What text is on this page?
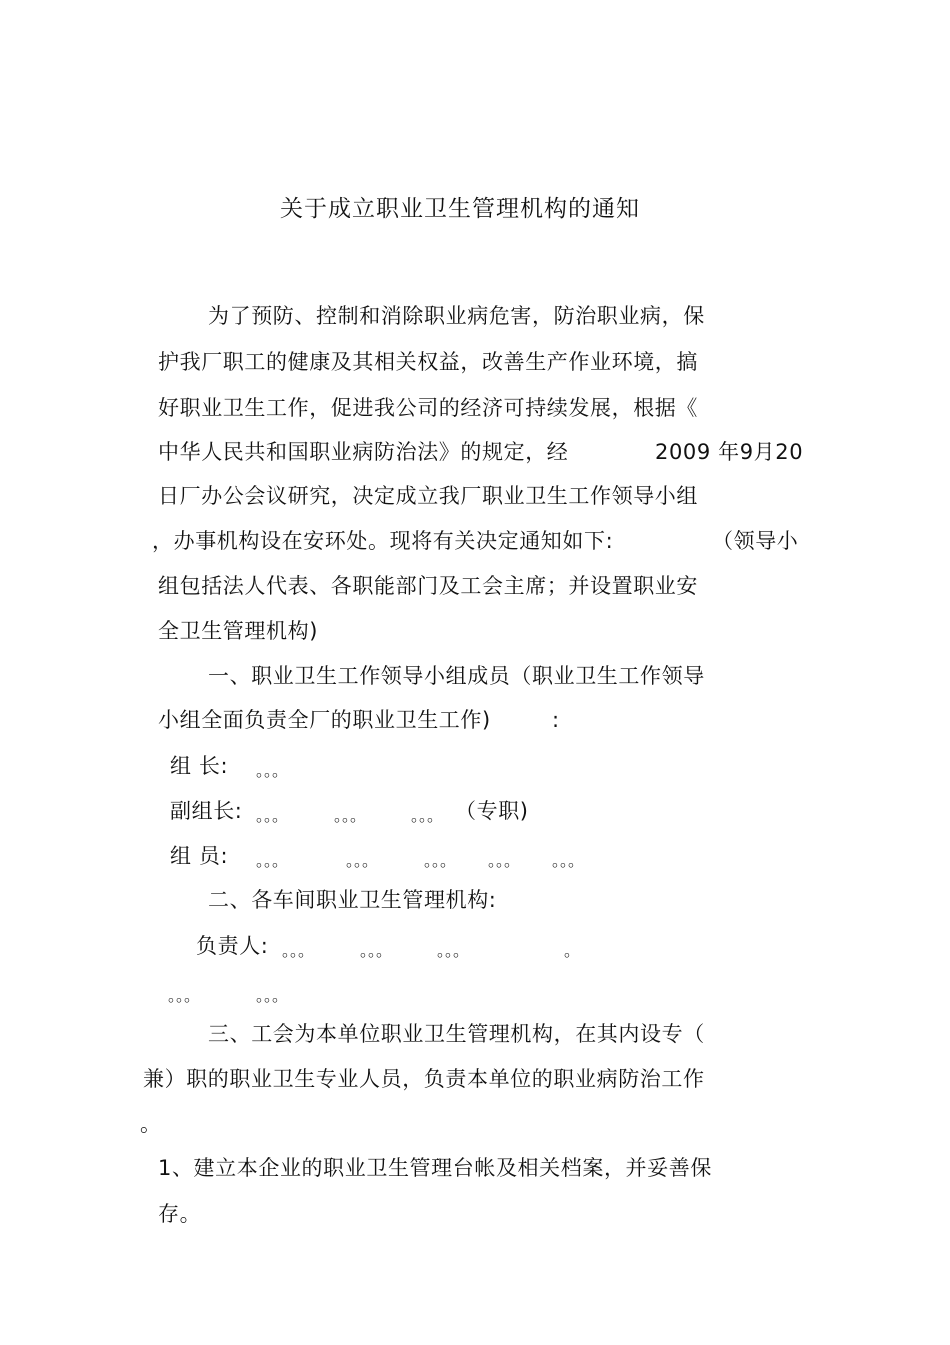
关于成立职业卫生管理机构的通知
为了预防、控制和消除职业病危害，防治职业病，保
护我厂职工的健康及其相关权益，改善生产作业环境，搞
好职业卫生工作，促进我公司的经济可持续发展，根据《
中华人民共和国职业病防治法》的规定，经	2009 年9月20
日厂办公会议研究，决定成立我厂职业卫生工作领导小组
，办事机构设在安环处。现将有关决定通知如下:	（领导小
组包括法人代表、各职能部门及工会主席；并设置职业安
全卫生管理机构)
一、职业卫生工作领导小组成员（职业卫生工作领导
小组全面负责全厂的职业卫生工作)	:
组 长: 。。。
副组长: 。。。	。。。	。。。 （专职)
组 员: 。。。	。。。	。。。 。。。 。。。
二、各车间职业卫生管理机构:
负责人: 。。。	。。。	。。。	。
。。。	。。。
三、工会为本单位职业卫生管理机构，在其内设专（
兼）职的职业卫生专业人员，负责本单位的职业病防治工作
。
1、建立本企业的职业卫生管理台帐及相关档案，并妥善保
存。
